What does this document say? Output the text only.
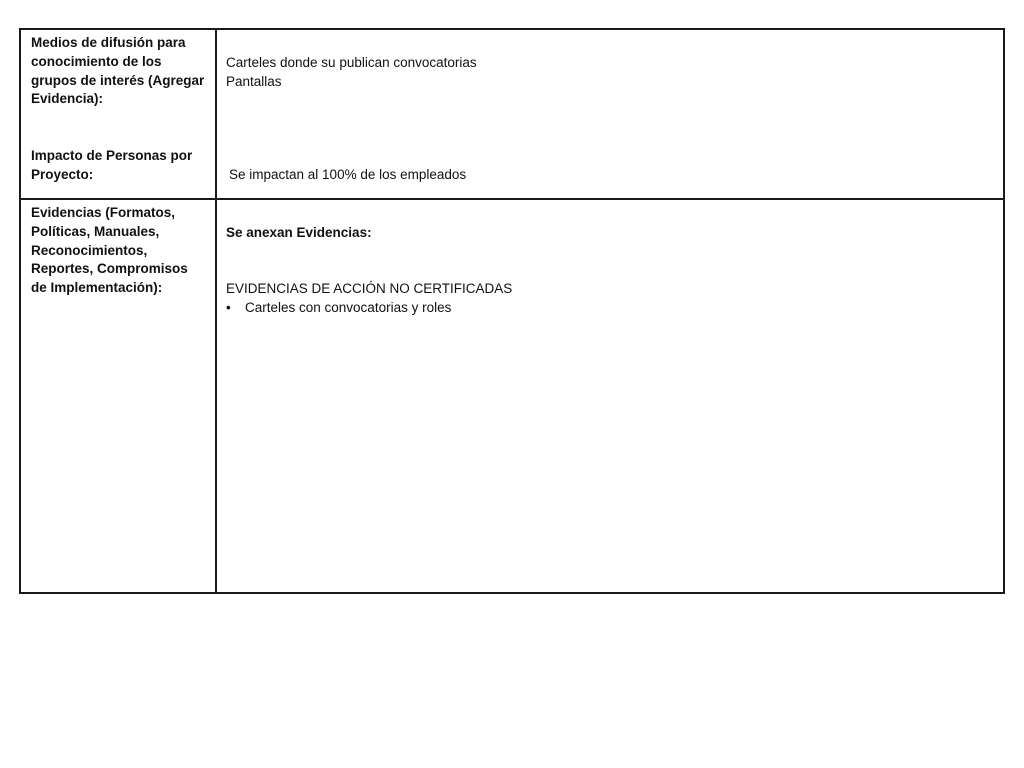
Medios de difusión para conocimiento de los grupos de interés (Agregar Evidencia):
Carteles donde su publican convocatorias
Pantallas
Impacto de Personas por Proyecto:	Se impactan al 100% de los empleados
Evidencias (Formatos, Políticas, Manuales, Reconocimientos, Reportes, Compromisos de Implementación):
Se anexan Evidencias:
EVIDENCIAS DE ACCIÓN NO CERTIFICADAS
• Carteles con convocatorias y roles
